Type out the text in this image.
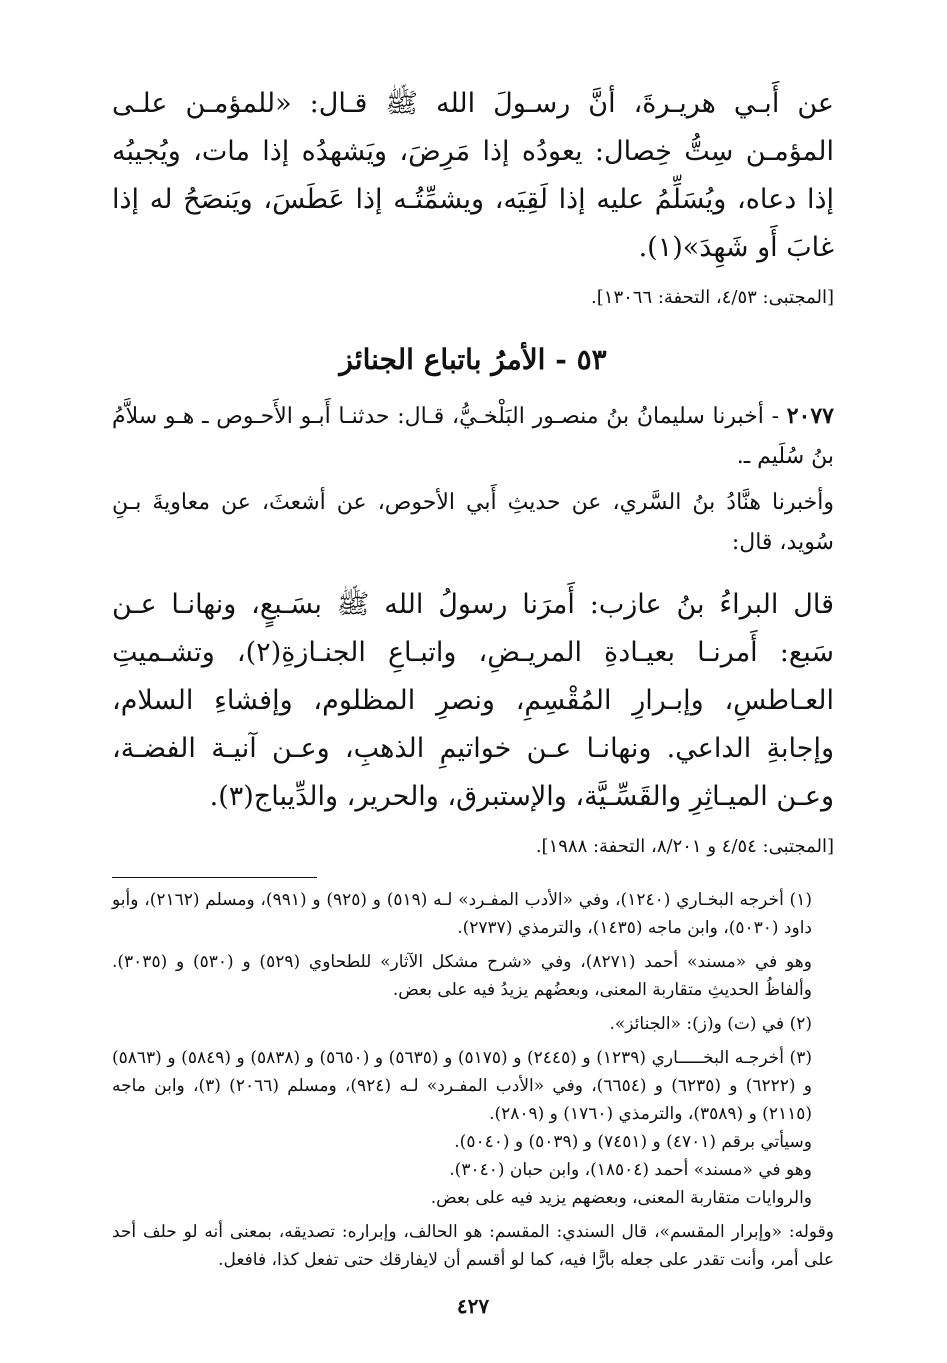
عن أَبـي هريـرةَ، أنَّ رسـولَ الله ﷺ قـال: «للمؤمـن علـى المؤمـن سِتُّ خِصال: يعودُه إذا مَرِضَ، ويَشهدُه إذا مات، ويُجيبُه إذا دعاه، ويُسَلِّمُ عليه إذا لَقِيَه، ويشمِّتُـه إذا عَطَسَ، ويَنصَحُ له إذا غابَ أَو شَهِدَ»(١).

[المجتبى: ٤/٥٣، التحفة: ١٣٠٦٦].

٥٣ - الأمرُ باتباع الجنائز

٢٠٧٧ - أخبرنا سليمانُ بنُ منصـور البَلْخـيُّ، قـال: حدثنـا أَبـو الأَحـوص ـ هـو سلاَّمُ بنُ سُلَيم ـ.

وأخبرنا هنَّادُ بنُ السَّري، عن حديثِ أَبي الأحوص، عن أشعثَ، عن معاويةَ بـنِ سُويد، قال:

قال البراءُ بنُ عازب: أَمرَنا رسولُ الله ﷺ بسَـبعٍ، ونهانـا عـن سَبع: أَمرنـا بعيـادةِ المريـضِ، واتبـاعِ الجنـازةِ(٢)، وتشـميتِ العـاطسِ، وإبـرارِ المُقْسِمِ، ونصرِ المظلوم، وإفشاءِ السلام، وإجابةِ الداعي. ونهانـا عـن خواتيمِ الذهبِ، وعـن آنيـة الفضـة، وعـن الميـاثِرِ والقَسِّـيَّة، والإستبرق، والحرير، والدِّيباج(٣).

[المجتبى: ٤/٥٤ و ٨/٢٠١، التحفة: ١٩٨٨].

(١) أخرجه البخـاري (١٢٤٠)، وفي «الأدب المفـرد» لـه (٥١٩) و (٩٢٥) و (٩٩١)، ومسلم (٢١٦٢)، وأبو داود (٥٠٣٠)، وابن ماجه (١٤٣٥)، والترمذي (٢٧٣٧).

وهو في «مسند» أحمد (٨٢٧١)، وفي «شرح مشكل الآثار» للطحاوي (٥٢٩) و (٥٣٠) و (٣٠٣٥). وألفاظُ الحديثِ متقاربة المعنى، وبعضُهم يزيدُ فيه على بعض.

(٢) في (ت) و(ز): «الجنائز».

(٣) أخرجـه البخـــــاري (١٢٣٩) و (٢٤٤٥) و (٥١٧٥) و (٥٦٣٥) و (٥٦٥٠) و (٥٨٣٨) و (٥٨٤٩) و (٥٨٦٣) و (٦٢٢٢) و (٦٢٣٥) و (٦٦٥٤)، وفي «الأدب المفـرد» لـه (٩٢٤)، ومسلم (٢٠٦٦) (٣)، وابن ماجه (٢١١٥) و (٣٥٨٩)، والترمذي (١٧٦٠) و (٢٨٠٩).

وسيأتي برقم (٤٧٠١) و (٧٤٥١) و (٥٠٣٩) و (٥٠٤٠).

وهو في «مسند» أحمد (١٨٥٠٤)، وابن حبان (٣٠٤٠).

والروايات متقاربة المعنى، وبعضهم يزيد فيه على بعض.

وقوله: «وإبرار المقسم»، قال السندي: المقسم: هو الحالف، وإبراره: تصديقه، بمعنى أنه لو حلف أحد على أمر، وأنت تقدر على جعله بارًّا فيه، كما لو أقسم أن لايفارقك حتى تفعل كذا، فافعل.

٤٢٧
